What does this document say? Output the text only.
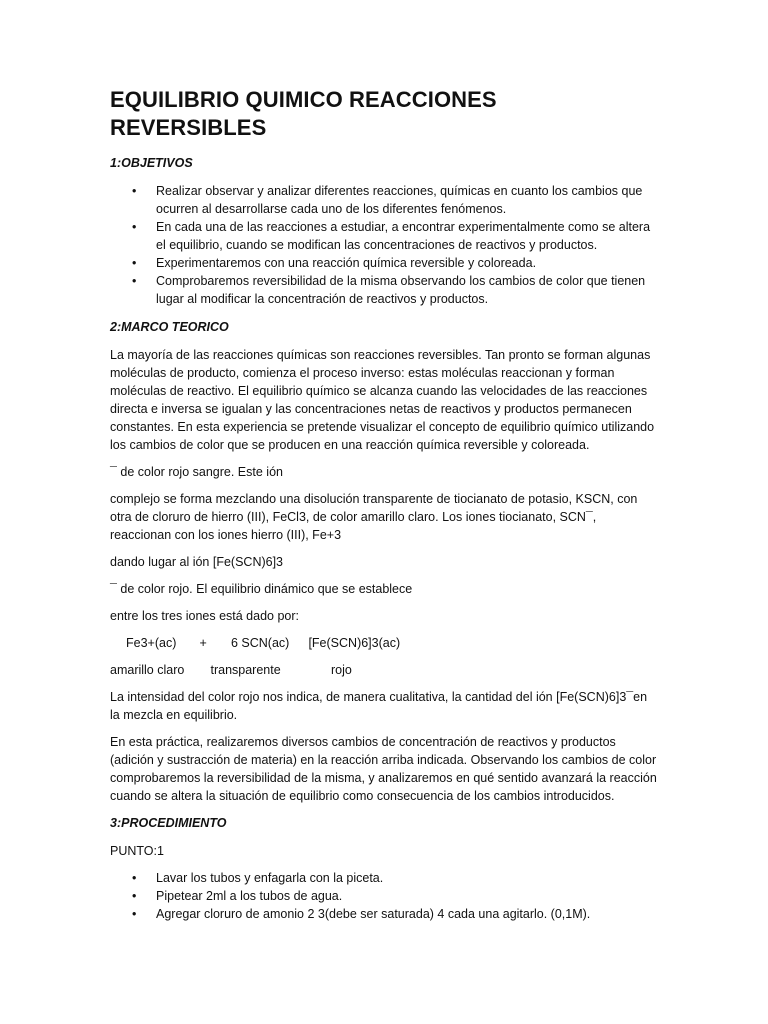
EQUILIBRIO QUIMICO REACCIONES REVERSIBLES
1:OBJETIVOS
• Realizar observar y analizar diferentes reacciones, químicas en cuanto los cambios que ocurren al desarrollarse cada uno de los diferentes fenómenos.
• En cada una de las reacciones a estudiar, a encontrar experimentalmente como se altera el equilibrio, cuando se modifican las concentraciones de reactivos y productos.
• Experimentaremos con una reacción química reversible y coloreada.
• Comprobaremos reversibilidad de la misma observando los cambios de color que tienen lugar al modificar la concentración de reactivos y productos.
2:MARCO TEORICO

La mayoría de las reacciones químicas son reacciones reversibles. Tan pronto se forman algunas moléculas de producto, comienza el proceso inverso: estas moléculas reaccionan y forman moléculas de reactivo. El equilibrio químico se alcanza cuando las velocidades de las reacciones directa e inversa se igualan y las concentraciones netas de reactivos y productos permanecen constantes. En esta experiencia se pretende visualizar el concepto de equilibrio químico utilizando los cambios de color que se producen en una reacción química reversible y coloreada.

¯ de color rojo sangre. Este ión

complejo se forma mezclando una disolución transparente de tiocianato de potasio, KSCN, con otra de cloruro de hierro (III), FeCl3, de color amarillo claro. Los iones tiocianato, SCN¯, reaccionan con los iones hierro (III), Fe+3

dando lugar al ión [Fe(SCN)6]3

¯ de color rojo. El equilibrio dinámico que se establece

entre los tres iones está dado por:

Fe3+(ac) + 6 SCN(ac) [Fe(SCN)6]3(ac)

amarillo claro transparente	rojo

La intensidad del color rojo nos indica, de manera cualitativa, la cantidad del ión [Fe(SCN)6]3¯en la mezcla en equilibrio.

En esta práctica, realizaremos diversos cambios de concentración de reactivos y productos (adición y sustracción de materia) en la reacción arriba indicada. Observando los cambios de color comprobaremos la reversibilidad de la misma, y analizaremos en qué sentido avanzará la reacción cuando se altera la situación de equilibrio como consecuencia de los cambios introducidos.

3:PROCEDIMIENTO

PUNTO:1

• Lavar los tubos y enfagarla con la piceta.
• Pipetear 2ml a los tubos de agua.
• Agregar cloruro de amonio 2 3(debe ser saturada) 4 cada una agitarlo. (0,1M).
